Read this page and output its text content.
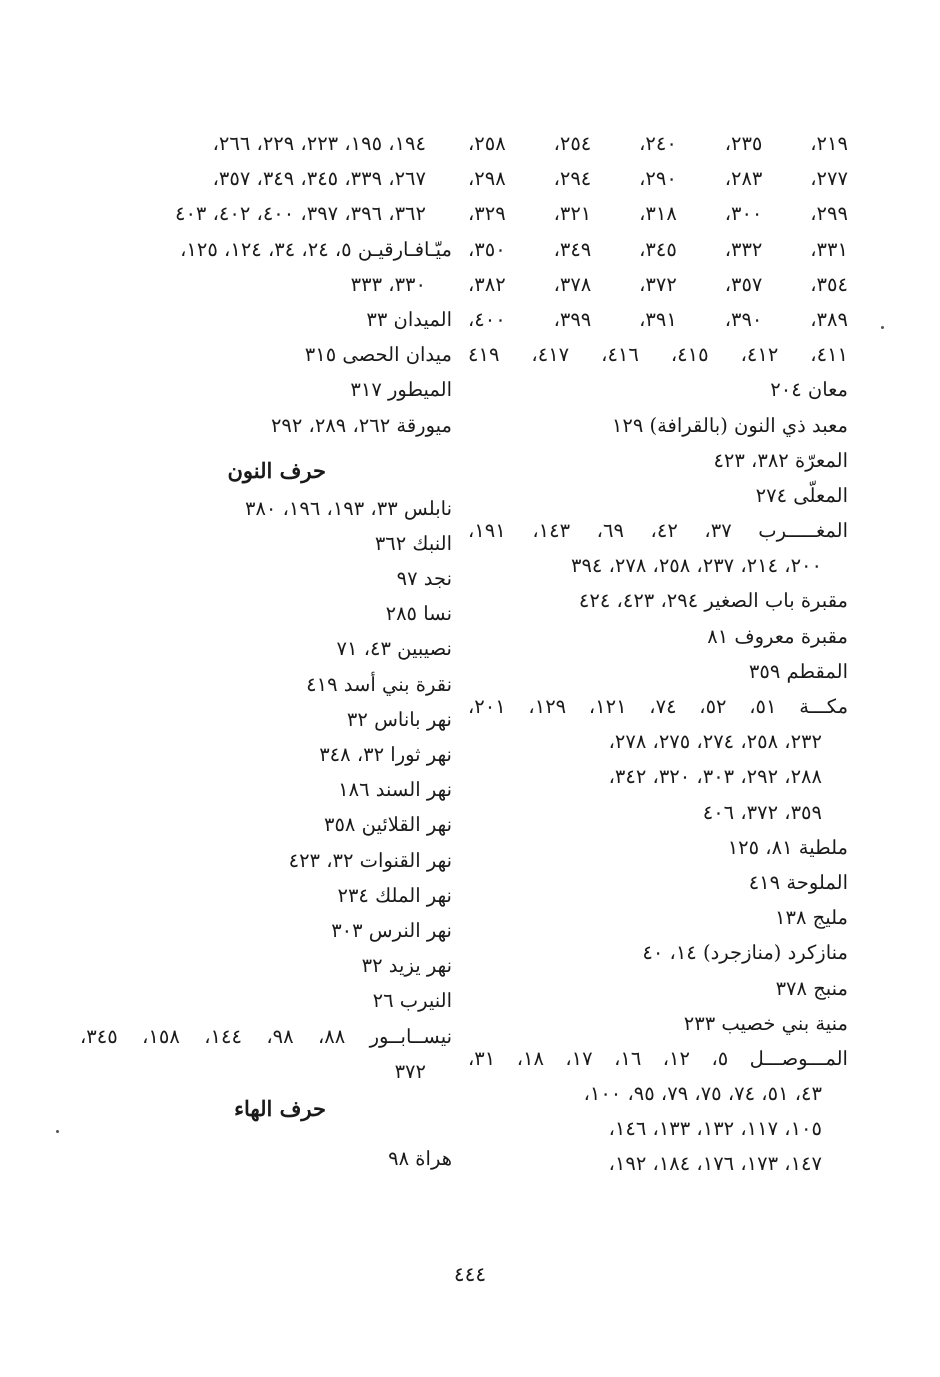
٢١٩، ٢٣٥، ٢٤٠، ٢٥٤، ٢٥٨،
٢٧٧، ٢٨٣، ٢٩٠، ٢٩٤، ٢٩٨،
٢٩٩، ٣٠٠، ٣١٨، ٣٢١، ٣٢٩،
٣٣١، ٣٣٢، ٣٤٥، ٣٤٩، ٣٥٠،
٣٥٤، ٣٥٧، ٣٧٢، ٣٧٨، ٣٨٢،
٣٨٩، ٣٩٠، ٣٩١، ٣٩٩، ٤٠٠،
٤١١، ٤١٢، ٤١٥، ٤١٦، ٤١٧، ٤١٩
معان ٢٠٤
معبد ذي النون (بالقرافة) ١٢٩
المعرّة ٣٨٢، ٤٢٣
المعلّى ٢٧٤
المغـــــرب ٣٧، ٤٢، ٦٩، ١٤٣، ١٩١،
٢٠٠، ٢١٤، ٢٣٧، ٢٥٨، ٢٧٨، ٣٩٤
مقبرة باب الصغير ٢٩٤، ٤٢٣، ٤٢٤
مقبرة معروف ٨١
المقطم ٣٥٩
مكـــة ٥١، ٥٢، ٧٤، ١٢١، ١٢٩، ٢٠١،
٢٣٢، ٢٥٨، ٢٧٤، ٢٧٥، ٢٧٨،
٢٨٨، ٢٩٢، ٣٠٣، ٣٢٠، ٣٤٢،
٣٥٩، ٣٧٢، ٤٠٦
ملطية ٨١، ١٢٥
الملوحة ٤١٩
مليج ١٣٨
منازكرد (منازجرد) ١٤، ٤٠
منبج ٣٧٨
منية بني خصيب ٢٣٣
المـــوصـــل ٥، ١٢، ١٦، ١٧، ١٨، ٣١،
٤٣، ٥١، ٧٤، ٧٥، ٧٩، ٩٥، ١٠٠،
١٠٥، ١١٧، ١٣٢، ١٣٣، ١٤٦،
١٤٧، ١٧٣، ١٧٦، ١٨٤، ١٩٢،
١٩٤، ١٩٥، ٢٢٣، ٢٢٩، ٢٦٦،
٢٦٧، ٣٣٩، ٣٤٥، ٣٤٩، ٣٥٧،
٣٦٢، ٣٩٦، ٣٩٧، ٤٠٠، ٤٠٢، ٤٠٣
ميّـافـارقيـن ٥، ٢٤، ٣٤، ١٢٤، ١٢٥،
٣٣٠، ٣٣٣
الميدان ٣٣
ميدان الحصى ٣١٥
الميطور ٣١٧
ميورقة ٢٦٢، ٢٨٩، ٢٩٢
حرف النون
نابلس ٣٣، ١٩٣، ١٩٦، ٣٨٠
النبك ٣٦٢
نجد ٩٧
نسا ٢٨٥
نصيبين ٤٣، ٧١
نقرة بني أسد ٤١٩
نهر باناس ٣٢
نهر ثورا ٣٢، ٣٤٨
نهر السند ١٨٦
نهر القلائين ٣٥٨
نهر القنوات ٣٢، ٤٢٣
نهر الملك ٢٣٤
نهر النرس ٣٠٣
نهر يزيد ٣٢
النيرب ٢٦
نيســابــور ٨٨، ٩٨، ١٤٤، ١٥٨، ٣٤٥،
٣٧٢
حرف الهاء
هراة ٩٨
٤٤٤
